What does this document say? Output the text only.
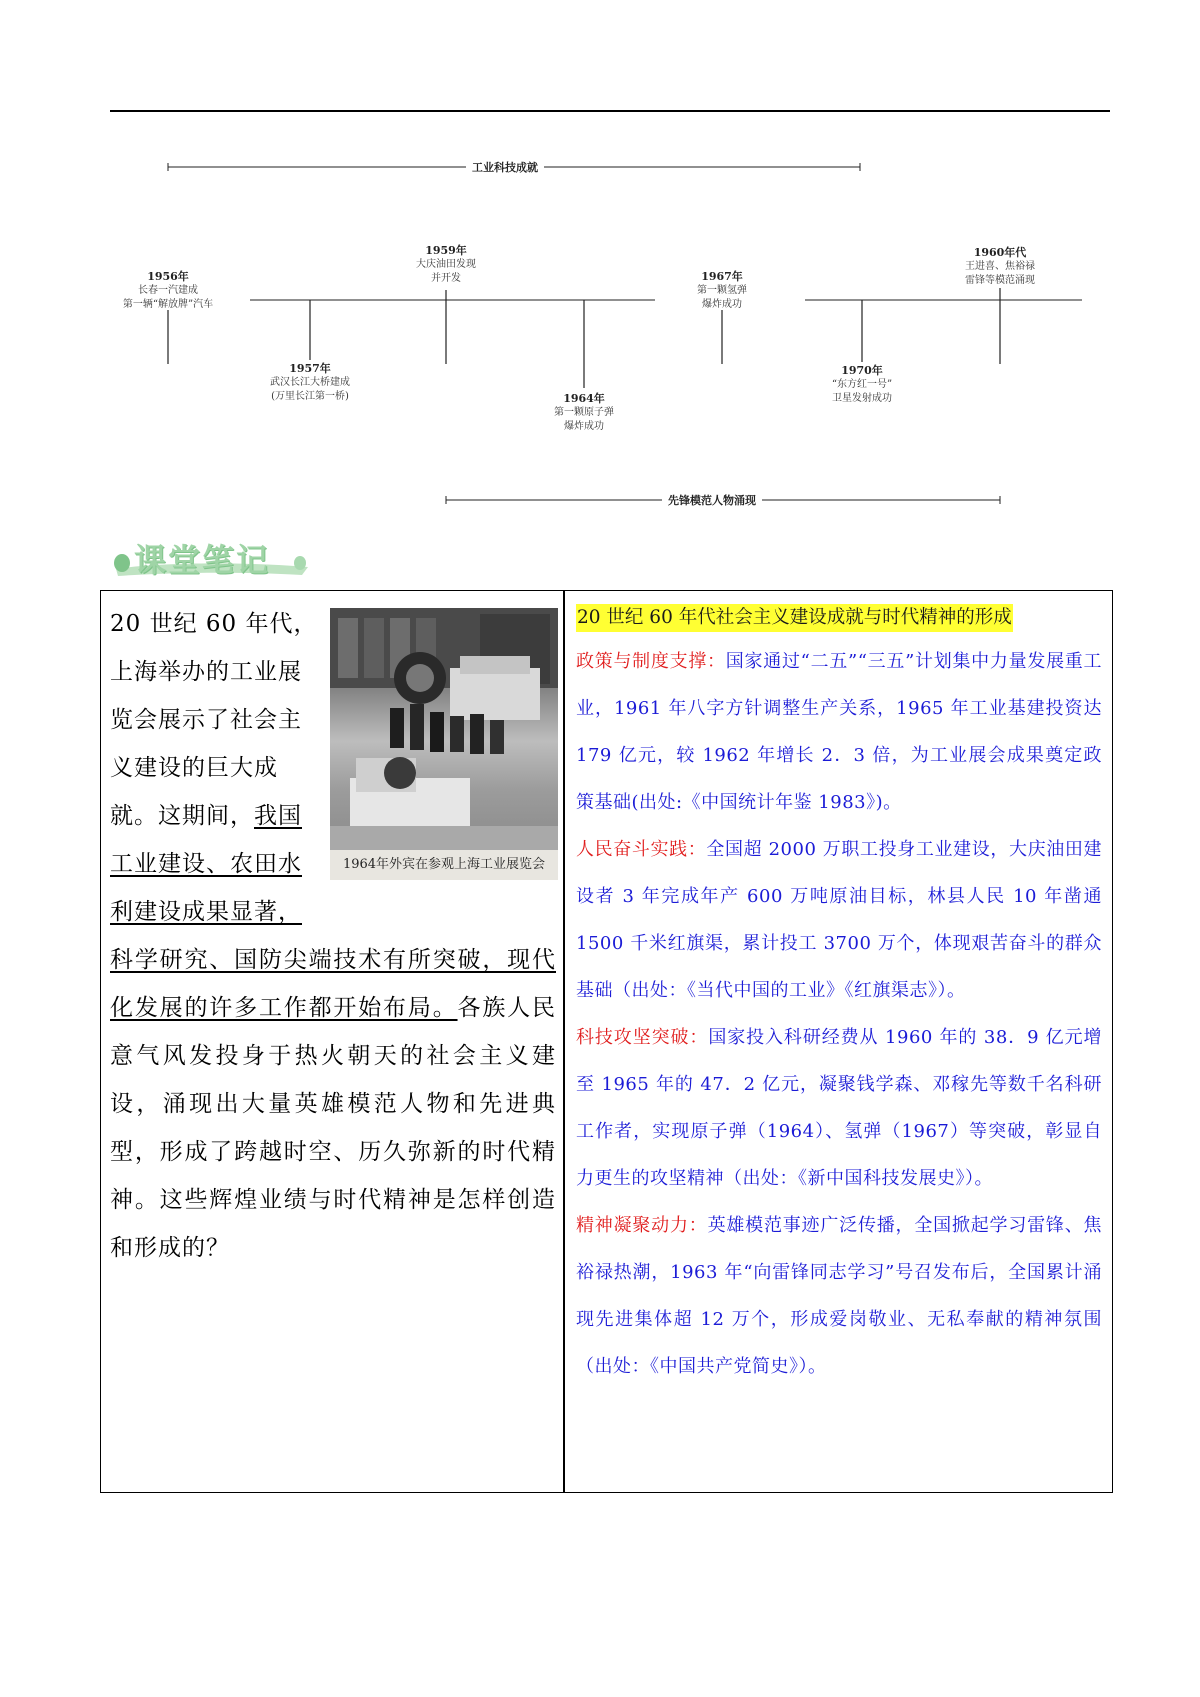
工业科技成就
先锋模范人物涌现
1956年
长春一汽建成
第一辆“解放牌”汽车
1957年
武汉长江大桥建成
(万里长江第一桥)
1959年
大庆油田发现
并开发
1964年
第一颗原子弹
爆炸成功
1967年
第一颗氢弹
爆炸成功
1970年
“东方红一号”
卫星发射成功
1960年代
王进喜、焦裕禄
雷锋等模范涌现
课堂笔记
1964年外宾在参观上海工业展览会
20 世纪 60 年代，
上海举办的工业展
览会展示了社会主
义建设的巨大成
就。这期间，我国
工业建设、农田水
利建设成果显著，

科学研究、国防尖端技术有所突破，现代化发展的许多工作都开始布局。各族人民意气风发投身于热火朝天的社会主义建设，涌现出大量英雄模范人物和先进典型，形成了跨越时空、历久弥新的时代精神。这些辉煌业绩与时代精神是怎样创造和形成的？

20 世纪 60 年代社会主义建设成就与时代精神的形成

政策与制度支撑：国家通过“二五”“三五”计划集中力量发展重工业，1961 年八字方针调整生产关系，1965 年工业基建投资达 179 亿元，较 1962 年增长 2．3 倍，为工业展会成果奠定政策基础(出处:《中国统计年鉴 1983》)。

人民奋斗实践：全国超 2000 万职工投身工业建设，大庆油田建设者 3 年完成年产 600 万吨原油目标，林县人民 10 年凿通 1500 千米红旗渠，累计投工 3700 万个，体现艰苦奋斗的群众基础（出处：《当代中国的工业》《红旗渠志》）。

科技攻坚突破：国家投入科研经费从 1960 年的 38．9 亿元增至 1965 年的 47．2 亿元，凝聚钱学森、邓稼先等数千名科研工作者，实现原子弹（1964）、氢弹（1967）等突破，彰显自力更生的攻坚精神（出处：《新中国科技发展史》）。

精神凝聚动力：英雄模范事迹广泛传播，全国掀起学习雷锋、焦裕禄热潮，1963 年“向雷锋同志学习”号召发布后，全国累计涌现先进集体超 12 万个，形成爱岗敬业、无私奉献的精神氛围（出处：《中国共产党简史》）。
